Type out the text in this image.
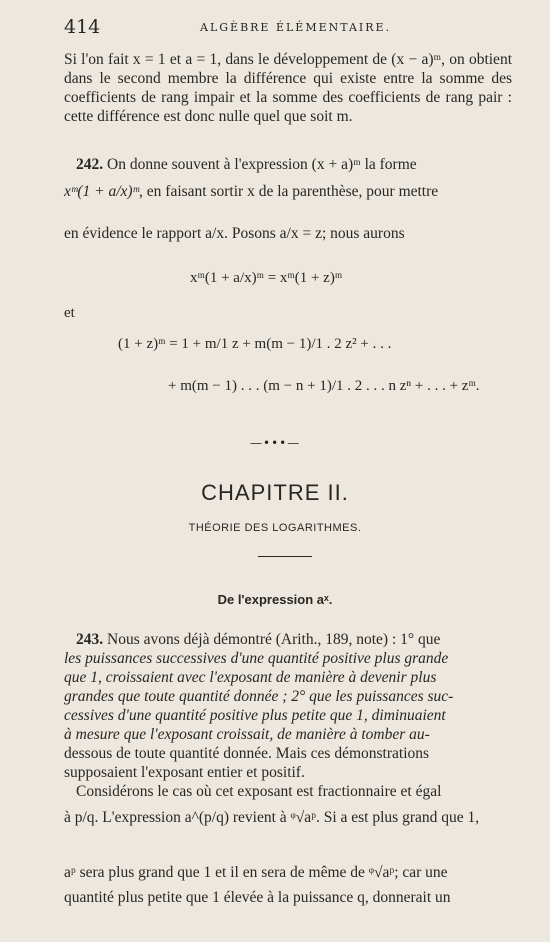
414	ALGÈBRE ÉLÉMENTAIRE.
Si l'on fait x = 1 et a = 1, dans le développement de (x − a)ᵐ, on obtient dans le second membre la différence qui existe entre la somme des coefficients de rang impair et la somme des coefficients de rang pair : cette différence est donc nulle quel que soit m.
242. On donne souvent à l'expression (x + a)ᵐ la forme
xᵐ(1 + a/x)ᵐ, en faisant sortir x de la parenthèse, pour mettre
en évidence le rapport a/x. Posons a/x = z; nous aurons
xᵐ(1 + a/x)ᵐ = xᵐ(1 + z)ᵐ
et
(1 + z)ᵐ = 1 + m/1 z + m(m − 1)/1 . 2 z² + . . .
+ m(m − 1) . . . (m − n + 1)/1 . 2 . . . n zⁿ + . . . + zᵐ.
—•••—
CHAPITRE II.
THÉORIE DES LOGARITHMES.
De l'expression aˣ.
243. Nous avons déjà démontré (Arith., 189, note) : 1° que
les puissances successives d'une quantité positive plus grande
que 1, croissaient avec l'exposant de manière à devenir plus
grandes que toute quantité donnée ; 2° que les puissances suc-
cessives d'une quantité positive plus petite que 1, diminuaient
à mesure que l'exposant croissait, de manière à tomber au-
dessous de toute quantité donnée. Mais ces démonstrations
supposaient l'exposant entier et positif.
Considérons le cas où cet exposant est fractionnaire et égal
à p/q. L'expression a^(p/q) revient à ᵠ√aᵖ. Si a est plus grand que 1,
aᵖ sera plus grand que 1 et il en sera de même de ᵠ√aᵖ; car une
quantité plus petite que 1 élevée à la puissance q, donnerait un
